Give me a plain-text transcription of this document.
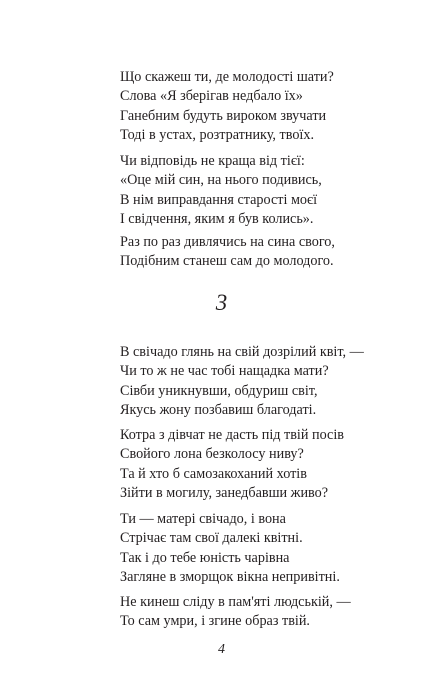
Що скажеш ти, де молодості шати?
Слова «Я зберігав недбало їх»
Ганебним будуть вироком звучати
Тоді в устах, розтратнику, твоїх.
Чи відповідь не краща від тієї:
«Оце мій син, на нього подивись,
В нім виправдання старості моєї
І свідчення, яким я був колись».
Раз по раз дивлячись на сина свого,
Подібним станеш сам до молодого.
3
В свічадо глянь на свій дозрілий квіт, —
Чи то ж не час тобі нащадка мати?
Сівби уникнувши, обдуриш світ,
Якусь жону позбавиш благодаті.
Котра з дівчат не дасть під твій посів
Свойого лона безколосу ниву?
Та й хто б самозакоханий хотів
Зійти в могилу, занедбавши живо?
Ти — матері свічадо, і вона
Стрічає там свої далекі квітні.
Так і до тебе юність чарівна
Загляне в зморщок вікна непривітні.
Не кинеш сліду в пам'яті людській, —
То сам умри, і згине образ твій.
4
